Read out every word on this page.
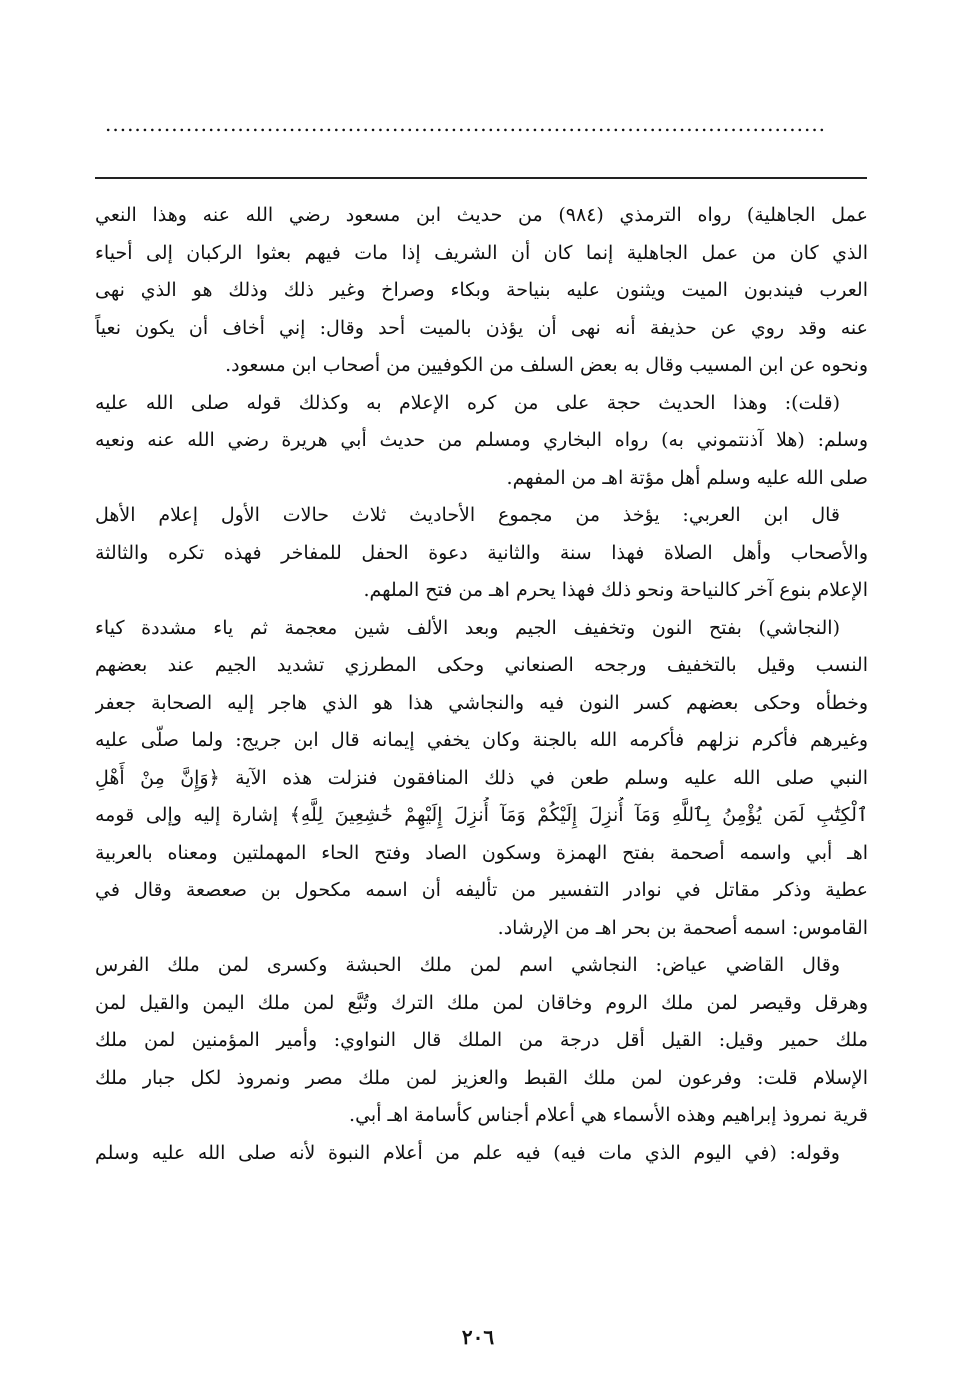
..................................................................................................
عمل الجاهلية) رواه الترمذي (٩٨٤) من حديث ابن مسعود رضي الله عنه وهذا النعي
الذي كان من عمل الجاهلية إنما كان أن الشريف إذا مات فيهم بعثوا الركبان إلى أحياء
العرب فيندبون الميت ويثنون عليه بنياحة وبكاء وصراخ وغير ذلك وذلك هو الذي نهى
عنه وقد روي عن حذيفة أنه نهى أن يؤذن بالميت أحد وقال: إني أخاف أن يكون نعياً
ونحوه عن ابن المسيب وقال به بعض السلف من الكوفيين من أصحاب ابن مسعود.
(قلت): وهذا الحديث حجة على من كره الإعلام به وكذلك قوله صلى الله عليه
وسلم: (هلا آذنتموني به) رواه البخاري ومسلم من حديث أبي هريرة رضي الله عنه ونعيه
صلى الله عليه وسلم أهل مؤتة اهـ من المفهم.
قال ابن العربي: يؤخذ من مجموع الأحاديث ثلاث حالات الأول إعلام الأهل
والأصحاب وأهل الصلاة فهذا سنة والثانية دعوة الحفل للمفاخر فهذه تكره والثالثة
الإعلام بنوع آخر كالنياحة ونحو ذلك فهذا يحرم اهـ من فتح الملهم.
(النجاشي) بفتح النون وتخفيف الجيم وبعد الألف شين معجمة ثم ياء مشددة كياء
النسب وقيل بالتخفيف ورجحه الصنعاني وحكى المطرزي تشديد الجيم عند بعضهم
وخطأه وحكى بعضهم كسر النون فيه والنجاشي هذا هو الذي هاجر إليه الصحابة جعفر
وغيرهم فأكرم نزلهم فأكرمه الله بالجنة وكان يخفي إيمانه قال ابن جريج: ولما صلّى عليه
النبي صلى الله عليه وسلم طعن في ذلك المنافقون فنزلت هذه الآية ﴿وَإِنَّ مِنْ أَهْلِ
ٱلْكِتَٰبِ لَمَن يُؤْمِنُ بِٱللَّهِ وَمَآ أُنزِلَ إِلَيْكُمْ وَمَآ أُنزِلَ إِلَيْهِمْ خَٰشِعِينَ لِلَّهِ﴾ إشارة إليه وإلى قومه
اهـ أبي واسمه أصحمة بفتح الهمزة وسكون الصاد وفتح الحاء المهملتين ومعناه بالعربية
عطية وذكر مقاتل في نوادر التفسير من تأليفه أن اسمه مكحول بن صعصعة وقال في
القاموس: اسمه أصحمة بن بحر اهـ من الإرشاد.
وقال القاضي عياض: النجاشي اسم لمن ملك الحبشة وكسرى لمن ملك الفرس
وهرقل وقيصر لمن ملك الروم وخاقان لمن ملك الترك وتُبَّع لمن ملك اليمن والقيل لمن
ملك حمير وقيل: القيل أقل درجة من الملك قال النواوي: وأمير المؤمنين لمن ملك
الإسلام قلت: وفرعون لمن ملك القبط والعزيز لمن ملك مصر ونمروذ لكل جبار ملك
قرية نمروذ إبراهيم وهذه الأسماء هي أعلام أجناس كأسامة اهـ أبي.
وقوله: (في اليوم الذي مات فيه) فيه علم من أعلام النبوة لأنه صلى الله عليه وسلم
٢٠٦
